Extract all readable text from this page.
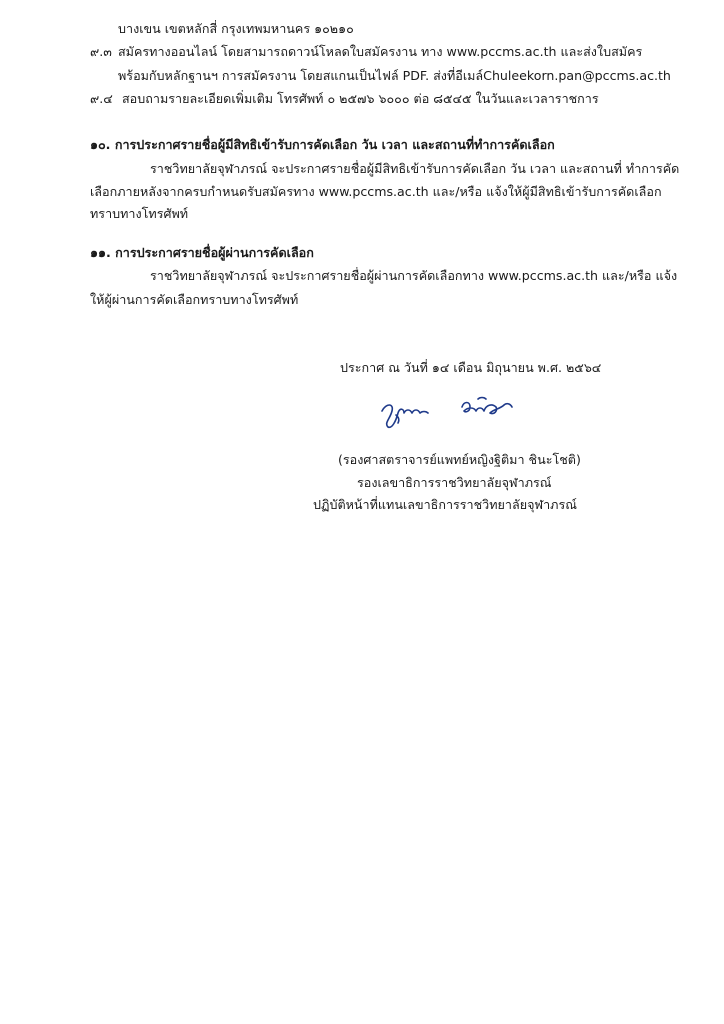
บางเขน เขตหลักสี่ กรุงเทพมหานคร ๑๐๒๑๐
๙.๓ สมัครทางออนไลน์ โดยสามารถดาวน์โหลดใบสมัครงาน ทาง www.pccms.ac.th และส่งใบสมัคร
พร้อมกับหลักฐานฯ การสมัครงาน โดยสแกนเป็นไฟล์ PDF. ส่งที่อีเมล์Chuleekorn.pan@pccms.ac.th
๙.๔ สอบถามรายละเอียดเพิ่มเติม โทรศัพท์ ๐ ๒๕๗๖ ๖๐๐๐ ต่อ ๘๕๔๕ ในวันและเวลาราชการ
๑๐. การประกาศรายชื่อผู้มีสิทธิเข้ารับการคัดเลือก วัน เวลา และสถานที่ทำการคัดเลือก
ราชวิทยาลัยจุฬาภรณ์ จะประกาศรายชื่อผู้มีสิทธิเข้ารับการคัดเลือก วัน เวลา และสถานที่ ทำการคัด
เลือกภายหลังจากครบกำหนดรับสมัครทาง www.pccms.ac.th และ/หรือ แจ้งให้ผู้มีสิทธิเข้ารับการคัดเลือก
ทราบทางโทรศัพท์
๑๑. การประกาศรายชื่อผู้ผ่านการคัดเลือก
ราชวิทยาลัยจุฬาภรณ์ จะประกาศรายชื่อผู้ผ่านการคัดเลือกทาง www.pccms.ac.th และ/หรือ แจ้ง
ให้ผู้ผ่านการคัดเลือกทราบทางโทรศัพท์
ประกาศ ณ วันที่ ๑๔ เดือน มิถุนายน พ.ศ. ๒๕๖๔
(รองศาสตราจารย์แพทย์หญิงฐิติมา ชินะโชติ)
รองเลขาธิการราชวิทยาลัยจุฬาภรณ์
ปฏิบัติหน้าที่แทนเลขาธิการราชวิทยาลัยจุฬาภรณ์
